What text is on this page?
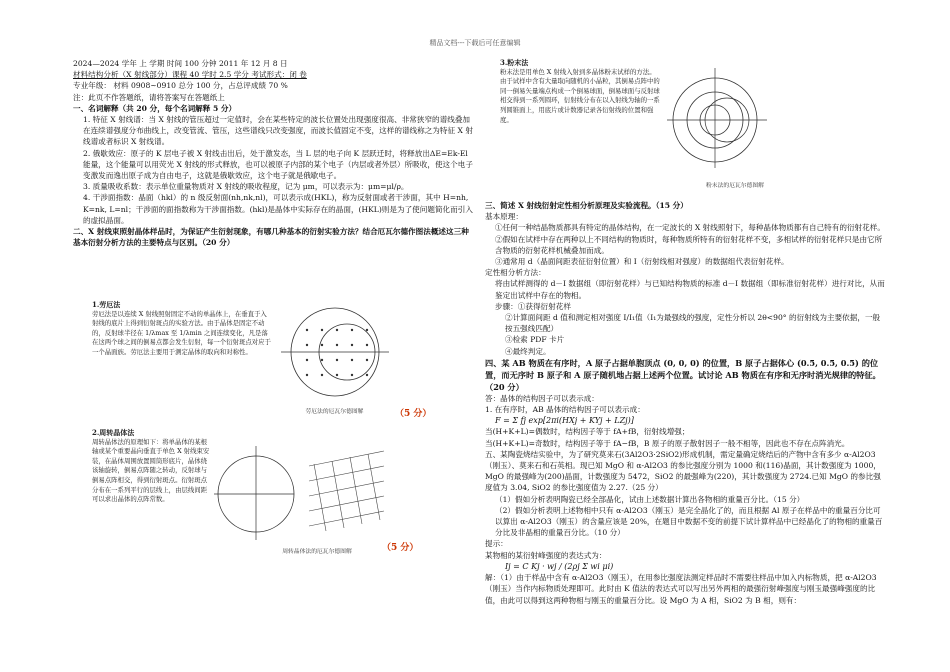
精品文档---下载后可任意编辑

2024—2024 学年 上 学期 时间 100 分钟 2011 年 12 月 8 日

材料结构分析（X 射线部分）课程 40 学时 2.5 学分 考试形式：闭 卷

专业年级： 材料 0908~0910 总分 100 分，占总评成绩 70 %

注：此页不作答题纸，请将答案写在答题纸上

一、名词解释（共 20 分，每个名词解释 5 分）

1. 特征 X 射线谱：当 X 射线的管压超过一定值时，会在某些特定的波长位置处出现强度很高、非常狭窄的谱线叠加在连续谱强度分布曲线上，改变管流、管压，这些谱线只改变强度，而波长值固定不变，这样的谱线称之为特征 X 射线谱或者标识 X 射线谱。

2. 俄歇效应：原子的 K 层电子被 X 射线击出后，处于激发态，当 L 层的电子向 K 层跃迁时，将释放出ΔE=Ek-El 能量，这个能量可以用荧光 X 射线的形式释放，也可以被原子内部的某个电子（内层或者外层）所吸收，使这个电子变激发而逸出原子成为自由电子，这就是俄歇效应，这个电子就是俄歇电子。

3. 质量吸收系数：表示单位重量物质对 X 射线的吸收程度，记为 μm，可以表示为：μm=μl/ρ。

4. 干涉面指数：晶面（hkl）的 n 级反射面(nh,nk,nl)，可以表示成(HKL)，称为反射面或者干涉面，其中 H=nh, K=nk, L=nl；干涉面的面指数称为干涉面指数。(hkl)是晶体中实际存在的晶面，(HKL)则是为了使问题简化而引入的虚拟晶面。

二、X 射线束照射晶体样品时，为保证产生衍射现象，有哪几种基本的衍射实验方法？结合厄瓦尔德作图法概述这三种基本衍射分析方法的主要特点与区别。（20 分）

1.劳厄法
劳厄法是以连续 X 射线照射固定不动的单晶体上，在垂直于入射线的底片上得到衍射斑点的实验方法。由于晶体是固定不动的，反射球半径在 1/λmax 至 1/λmin 之间连续变化，凡是落在这两个球之间的倒易点都会发生衍射，每一个衍射斑点对应于一个晶面族。劳厄法主要用于测定晶体的取向和对称性。
劳厄法的厄瓦尔德图解	（5 分）
2.周转晶体法
周转晶体法的原理如下：将单晶体的某根轴或某个重要晶向垂直于单色 X 射线束安装，在晶体周围放置圆筒形底片，晶体绕该轴旋转，倒易点阵随之转动，反射球与倒易点阵相交，得到衍射斑点。衍射斑点分布在一系列平行的层线上，由层线间距可以求出晶体的点阵常数。
周转晶体法的厄瓦尔德图解	（5 分）
3.粉末法
粉末法是用单色 X 射线入射到多晶体粉末试样的方法。由于试样中含有大量取向随机的小晶粒，其倒易点阵中的同一倒易矢量端点构成一个倒易球面，倒易球面与反射球相交得到一系列圆环，衍射线分布在以入射线为轴的一系列圆锥面上，用底片或计数器记录各衍射线的位置和强度。
粉末法的厄瓦尔德图解

三、简述 X 射线衍射定性相分析原理及实验流程。（15 分）

基本原理：

①任何一种结晶物质都具有特定的晶体结构，在一定波长的 X 射线照射下，每种晶体物质都有自己特有的衍射花样。

②假如在试样中存在两种以上不同结构的物质时，每种物质所特有的衍射花样不变，多相试样的衍射花样只是由它所含物质的衍射花样机械叠加而成。

③通常用 d（晶面间距表征衍射位置）和 I（衍射线相对强度）的数据组代表衍射花样。

定性相分析方法：

将由试样测得的 d－I 数据组（即衍射花样）与已知结构物质的标准 d－I 数据组（即标准衍射花样）进行对比，从而鉴定出试样中存在的物相。

步骤：①获得衍射花样

②计算面间距 d 值和测定相对强度 I/I₁值（I₁为最强线的强度，定性分析以 2θ<90° 的衍射线为主要依据，一般按五强线匹配）

③检索 PDF 卡片

④最终判定。

四、某 AB 物质在有序时，A 原子占据单胞顶点 (0, 0, 0) 的位置，B 原子占据体心 (0.5, 0.5, 0.5) 的位置，而无序时 B 原子和 A 原子随机地占据上述两个位置。试讨论 AB 物质在有序和无序时消光规律的特征。（20 分）

答：晶体的结构因子可以表示成：

1. 在有序时，AB 晶体的结构因子可以表示成：

F = Σ fj exp[2πi(HXj + KYj + LZj)]

当(H+K+L)=偶数时，结构因子等于 fA+fB，衍射线增强；

当(H+K+L)=奇数时，结构因子等于 fA−fB，B 原子的原子散射因子一般不相等，因此也不存在点阵消光。

五、某陶瓷烧结实验中，为了研究莫来石(3Al2O3·2SiO2)形成机制，需定量确定烧结后的产物中含有多少 α-Al2O3（刚玉）、莫来石和石英相。现已知 MgO 和 α-Al2O3 的参比强度分别为 1000 和(116)晶面，其计数强度为 1000，MgO 的最强峰为(200)晶面，计数强度为 5472，SiO2 的最强峰为(220)，其计数强度为 2724.已知 MgO 的参比强度值为 3.04, SiO2 的参比强度值为 2.27.（25 分）

（1）假如分析表明陶瓷已经全部晶化，试由上述数据计算出各物相的重量百分比。（15 分）

（2）假如分析表明上述物相中只有 α-Al2O3（刚玉）是完全晶化了的，而且根据 Al 原子在样品中的重量百分比可以算出 α-Al2O3（刚玉）的含量应该是 20%，在题目中数据不变的前提下试计算样品中已经晶化了的物相的重量百分比及非晶相的重量百分比。（10 分）

提示：

某物相的某衍射峰强度的表达式为：

Ij = C Kj · wj / (2ρj Σ wi μi)

解：（1）由于样品中含有 α-Al2O3（刚玉），在用参比强度法测定样品时不需要往样品中加入内标物质，把 α-Al2O3（刚玉）当作内标物质处理即可。此时由 K 值法的表达式可以写出另外两相的最强衍射峰强度与刚玉最强峰强度的比值，由此可以得到这两种物相与刚玉的重量百分比。设 MgO 为 A 相，SiO2 为 B 相，则有：
